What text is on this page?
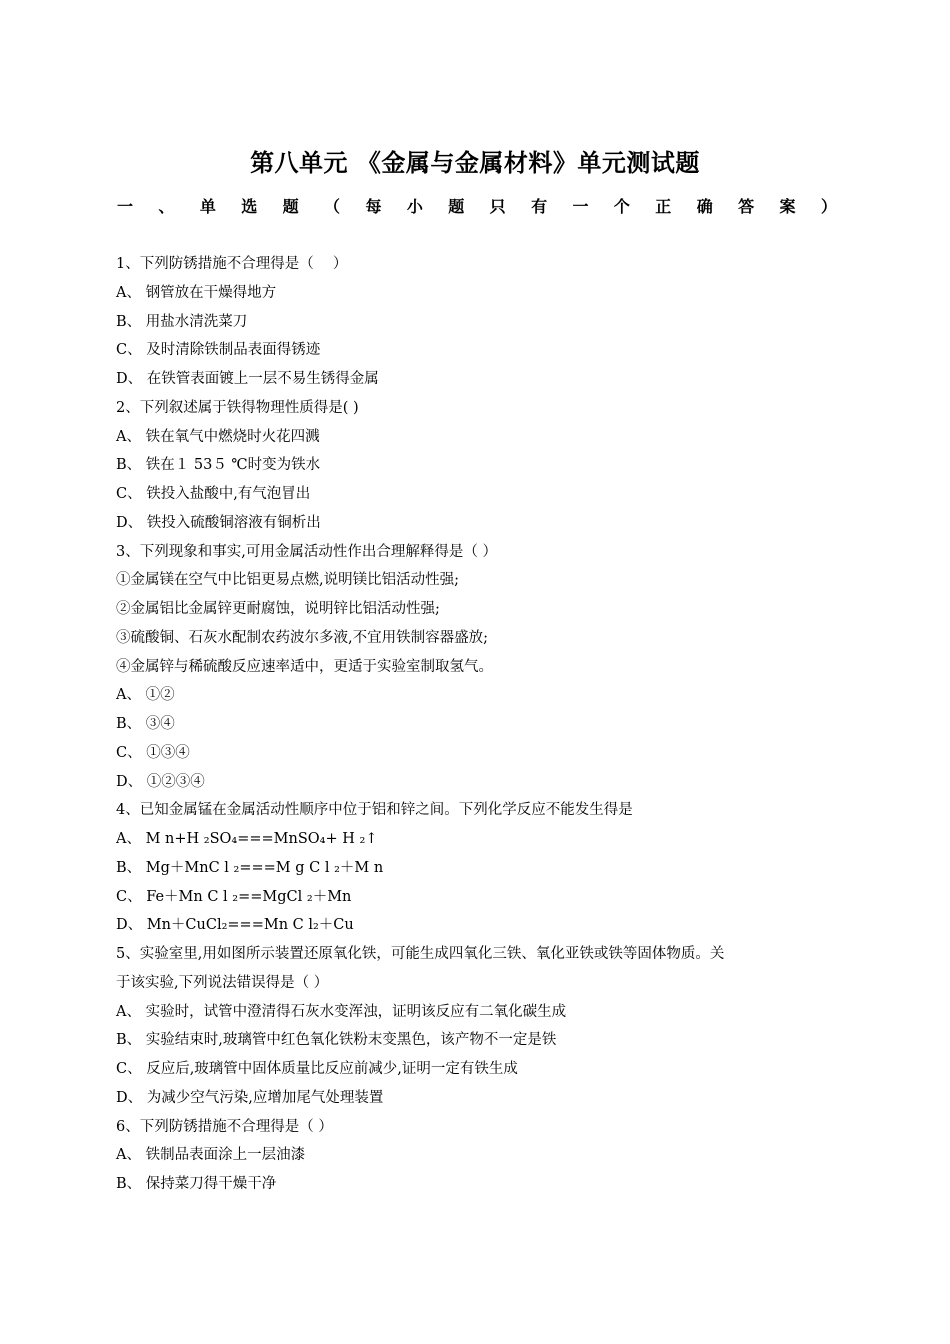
第八单元 《金属与金属材料》单元测试题
一 、 单 选 题 （ 每 小 题 只 有 一 个 正 确 答 案 ）
1、下列防锈措施不合理得是（　 ）
A、 钢管放在干燥得地方
B、 用盐水清洗菜刀
C、 及时清除铁制品表面得锈迹
D、 在铁管表面镀上一层不易生锈得金属
2、下列叙述属于铁得物理性质得是( )
A、 铁在氧气中燃烧时火花四溅
B、 铁在１ 53５ ℃时变为铁水
C、 铁投入盐酸中,有气泡冒出
D、 铁投入硫酸铜溶液有铜析出
3、下列现象和事实,可用金属活动性作出合理解释得是（ ）
①金属镁在空气中比铝更易点燃,说明镁比铝活动性强;
②金属铝比金属锌更耐腐蚀，说明锌比铝活动性强;
③硫酸铜、石灰水配制农药波尔多液,不宜用铁制容器盛放;
④金属锌与稀硫酸反应速率适中，更适于实验室制取氢气。
A、 ①②
B、 ③④
C、 ①③④
D、 ①②③④
4、已知金属锰在金属活动性顺序中位于铝和锌之间。下列化学反应不能发生得是
A、 M n+H ₂SO₄===MnSO₄+ H ₂↑
B、 Mg＋MnC l ₂===M g C l ₂＋M n
C、 Fe＋Mn C l ₂==MgCl ₂＋Mn
D、 Mn＋CuCl₂===Mn C l₂＋Cu
5、实验室里,用如图所示装置还原氧化铁，可能生成四氧化三铁、氧化亚铁或铁等固体物质。关
于该实验,下列说法错误得是（ ）
A、 实验时，试管中澄清得石灰水变浑浊，证明该反应有二氧化碳生成
B、 实验结束时,玻璃管中红色氧化铁粉末变黑色，该产物不一定是铁
C、 反应后,玻璃管中固体质量比反应前减少,证明一定有铁生成
D、 为减少空气污染,应增加尾气处理装置
6、下列防锈措施不合理得是（ ）
A、 铁制品表面涂上一层油漆
B、 保持菜刀得干燥干净
